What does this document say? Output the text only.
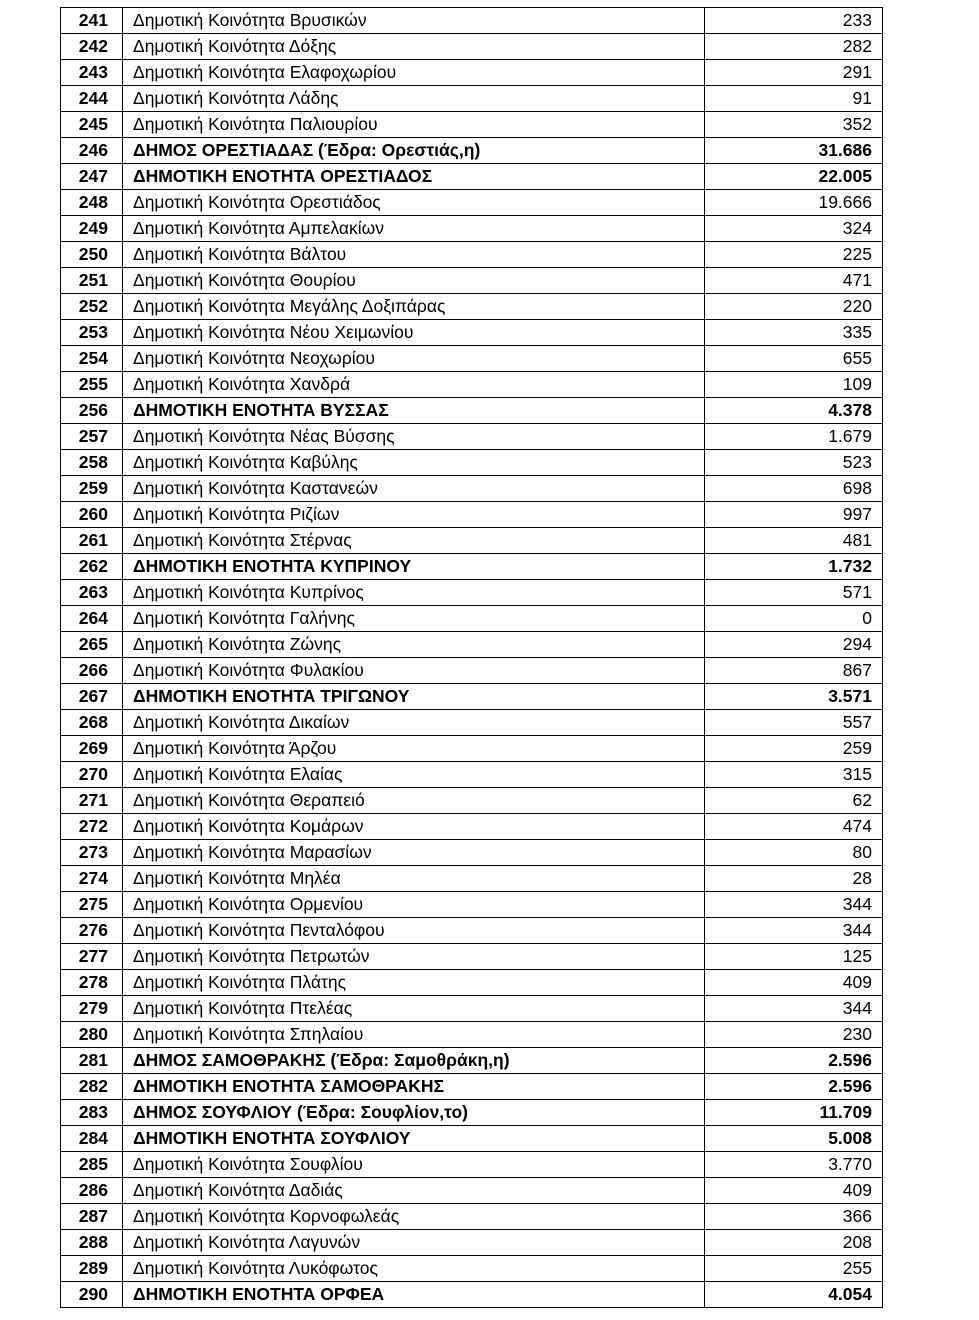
241	Δημοτική Κοινότητα Βρυσικών	233
242	Δημοτική Κοινότητα Δόξης	282
243	Δημοτική Κοινότητα Ελαφοχωρίου	291
244	Δημοτική Κοινότητα Λάδης	91
245	Δημοτική Κοινότητα Παλιουρίου	352
246	ΔΗΜΟΣ ΟΡΕΣΤΙΑΔΑΣ (Έδρα: Ορεστιάς,η)	31.686
247	ΔΗΜΟΤΙΚΗ ΕΝΟΤΗΤΑ ΟΡΕΣΤΙΑΔΟΣ	22.005
248	Δημοτική Κοινότητα Ορεστιάδος	19.666
249	Δημοτική Κοινότητα Αμπελακίων	324
250	Δημοτική Κοινότητα Βάλτου	225
251	Δημοτική Κοινότητα Θουρίου	471
252	Δημοτική Κοινότητα Μεγάλης Δοξιπάρας	220
253	Δημοτική Κοινότητα Νέου Χειμωνίου	335
254	Δημοτική Κοινότητα Νεοχωρίου	655
255	Δημοτική Κοινότητα Χανδρά	109
256	ΔΗΜΟΤΙΚΗ ΕΝΟΤΗΤΑ ΒΥΣΣΑΣ	4.378
257	Δημοτική Κοινότητα Νέας Βύσσης	1.679
258	Δημοτική Κοινότητα Καβύλης	523
259	Δημοτική Κοινότητα Καστανεών	698
260	Δημοτική Κοινότητα Ριζίων	997
261	Δημοτική Κοινότητα Στέρνας	481
262	ΔΗΜΟΤΙΚΗ ΕΝΟΤΗΤΑ ΚΥΠΡΙΝΟΥ	1.732
263	Δημοτική Κοινότητα Κυπρίνος	571
264	Δημοτική Κοινότητα Γαλήνης	0
265	Δημοτική Κοινότητα Ζώνης	294
266	Δημοτική Κοινότητα Φυλακίου	867
267	ΔΗΜΟΤΙΚΗ ΕΝΟΤΗΤΑ ΤΡΙΓΩΝΟΥ	3.571
268	Δημοτική Κοινότητα Δικαίων	557
269	Δημοτική Κοινότητα Άρζου	259
270	Δημοτική Κοινότητα Ελαίας	315
271	Δημοτική Κοινότητα Θεραπειό	62
272	Δημοτική Κοινότητα Κομάρων	474
273	Δημοτική Κοινότητα Μαρασίων	80
274	Δημοτική Κοινότητα Μηλέα	28
275	Δημοτική Κοινότητα Ορμενίου	344
276	Δημοτική Κοινότητα Πενταλόφου	344
277	Δημοτική Κοινότητα Πετρωτών	125
278	Δημοτική Κοινότητα Πλάτης	409
279	Δημοτική Κοινότητα Πτελέας	344
280	Δημοτική Κοινότητα Σπηλαίου	230
281	ΔΗΜΟΣ ΣΑΜΟΘΡΑΚΗΣ (Έδρα: Σαμοθράκη,η)	2.596
282	ΔΗΜΟΤΙΚΗ ΕΝΟΤΗΤΑ ΣΑΜΟΘΡΑΚΗΣ	2.596
283	ΔΗΜΟΣ ΣΟΥΦΛΙΟΥ (Έδρα: Σουφλίον,το)	11.709
284	ΔΗΜΟΤΙΚΗ ΕΝΟΤΗΤΑ ΣΟΥΦΛΙΟΥ	5.008
285	Δημοτική Κοινότητα Σουφλίου	3.770
286	Δημοτική Κοινότητα Δαδιάς	409
287	Δημοτική Κοινότητα Κορνοφωλεάς	366
288	Δημοτική Κοινότητα Λαγυνών	208
289	Δημοτική Κοινότητα Λυκόφωτος	255
290	ΔΗΜΟΤΙΚΗ ΕΝΟΤΗΤΑ ΟΡΦΕΑ	4.054
